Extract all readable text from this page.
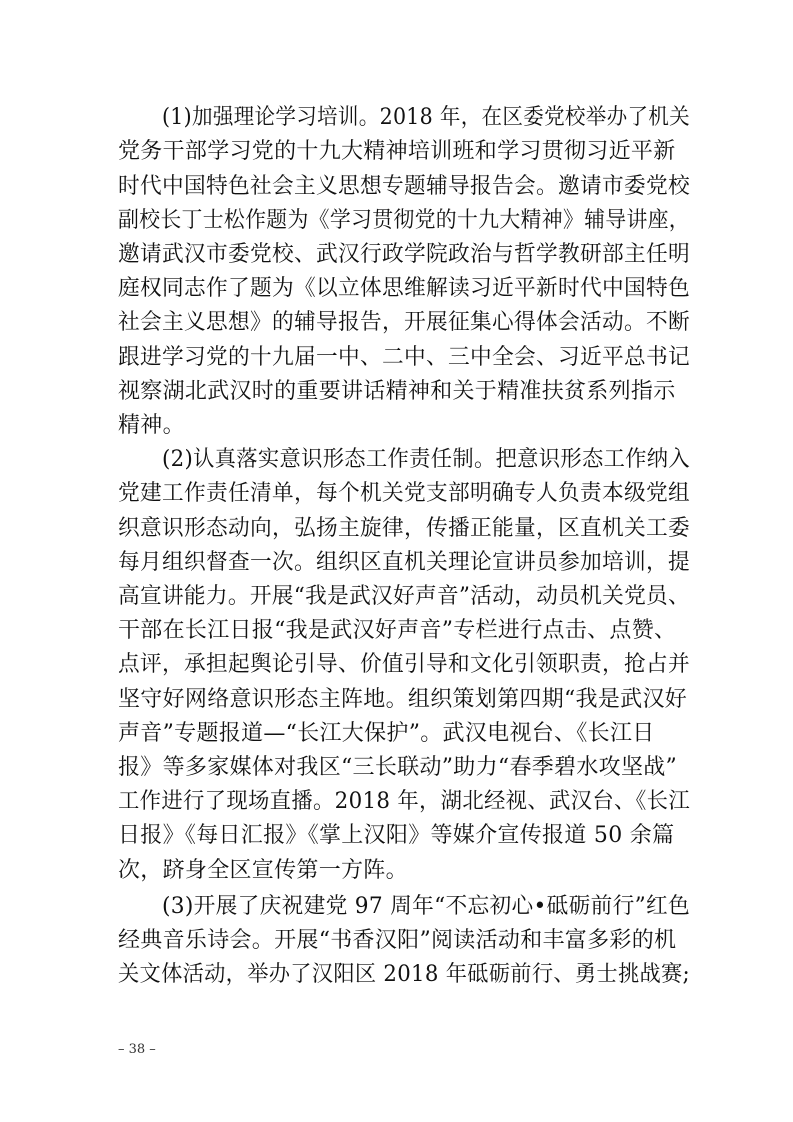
(1)加强理论学习培训。2018 年，在区委党校举办了机关
党务干部学习党的十九大精神培训班和学习贯彻习近平新
时代中国特色社会主义思想专题辅导报告会。邀请市委党校
副校长丁士松作题为《学习贯彻党的十九大精神》辅导讲座，
邀请武汉市委党校、武汉行政学院政治与哲学教研部主任明
庭权同志作了题为《以立体思维解读习近平新时代中国特色
社会主义思想》的辅导报告，开展征集心得体会活动。不断
跟进学习党的十九届一中、二中、三中全会、习近平总书记
视察湖北武汉时的重要讲话精神和关于精准扶贫系列指示
精神。
(2)认真落实意识形态工作责任制。把意识形态工作纳入
党建工作责任清单，每个机关党支部明确专人负责本级党组
织意识形态动向，弘扬主旋律，传播正能量，区直机关工委
每月组织督查一次。组织区直机关理论宣讲员参加培训，提
高宣讲能力。开展“我是武汉好声音”活动，动员机关党员、
干部在长江日报“我是武汉好声音”专栏进行点击、点赞、
点评，承担起舆论引导、价值引导和文化引领职责，抢占并
坚守好网络意识形态主阵地。组织策划第四期“我是武汉好
声音”专题报道—“长江大保护”。武汉电视台、《长江日
报》等多家媒体对我区“三长联动”助力“春季碧水攻坚战”
工作进行了现场直播。2018 年，湖北经视、武汉台、《长江
日报》《每日汇报》《掌上汉阳》等媒介宣传报道 50 余篇
次，跻身全区宣传第一方阵。
(3)开展了庆祝建党 97 周年“不忘初心•砥砺前行”红色
经典音乐诗会。开展“书香汉阳”阅读活动和丰富多彩的机
关文体活动，举办了汉阳区 2018 年砥砺前行、勇士挑战赛;
– 38 –
